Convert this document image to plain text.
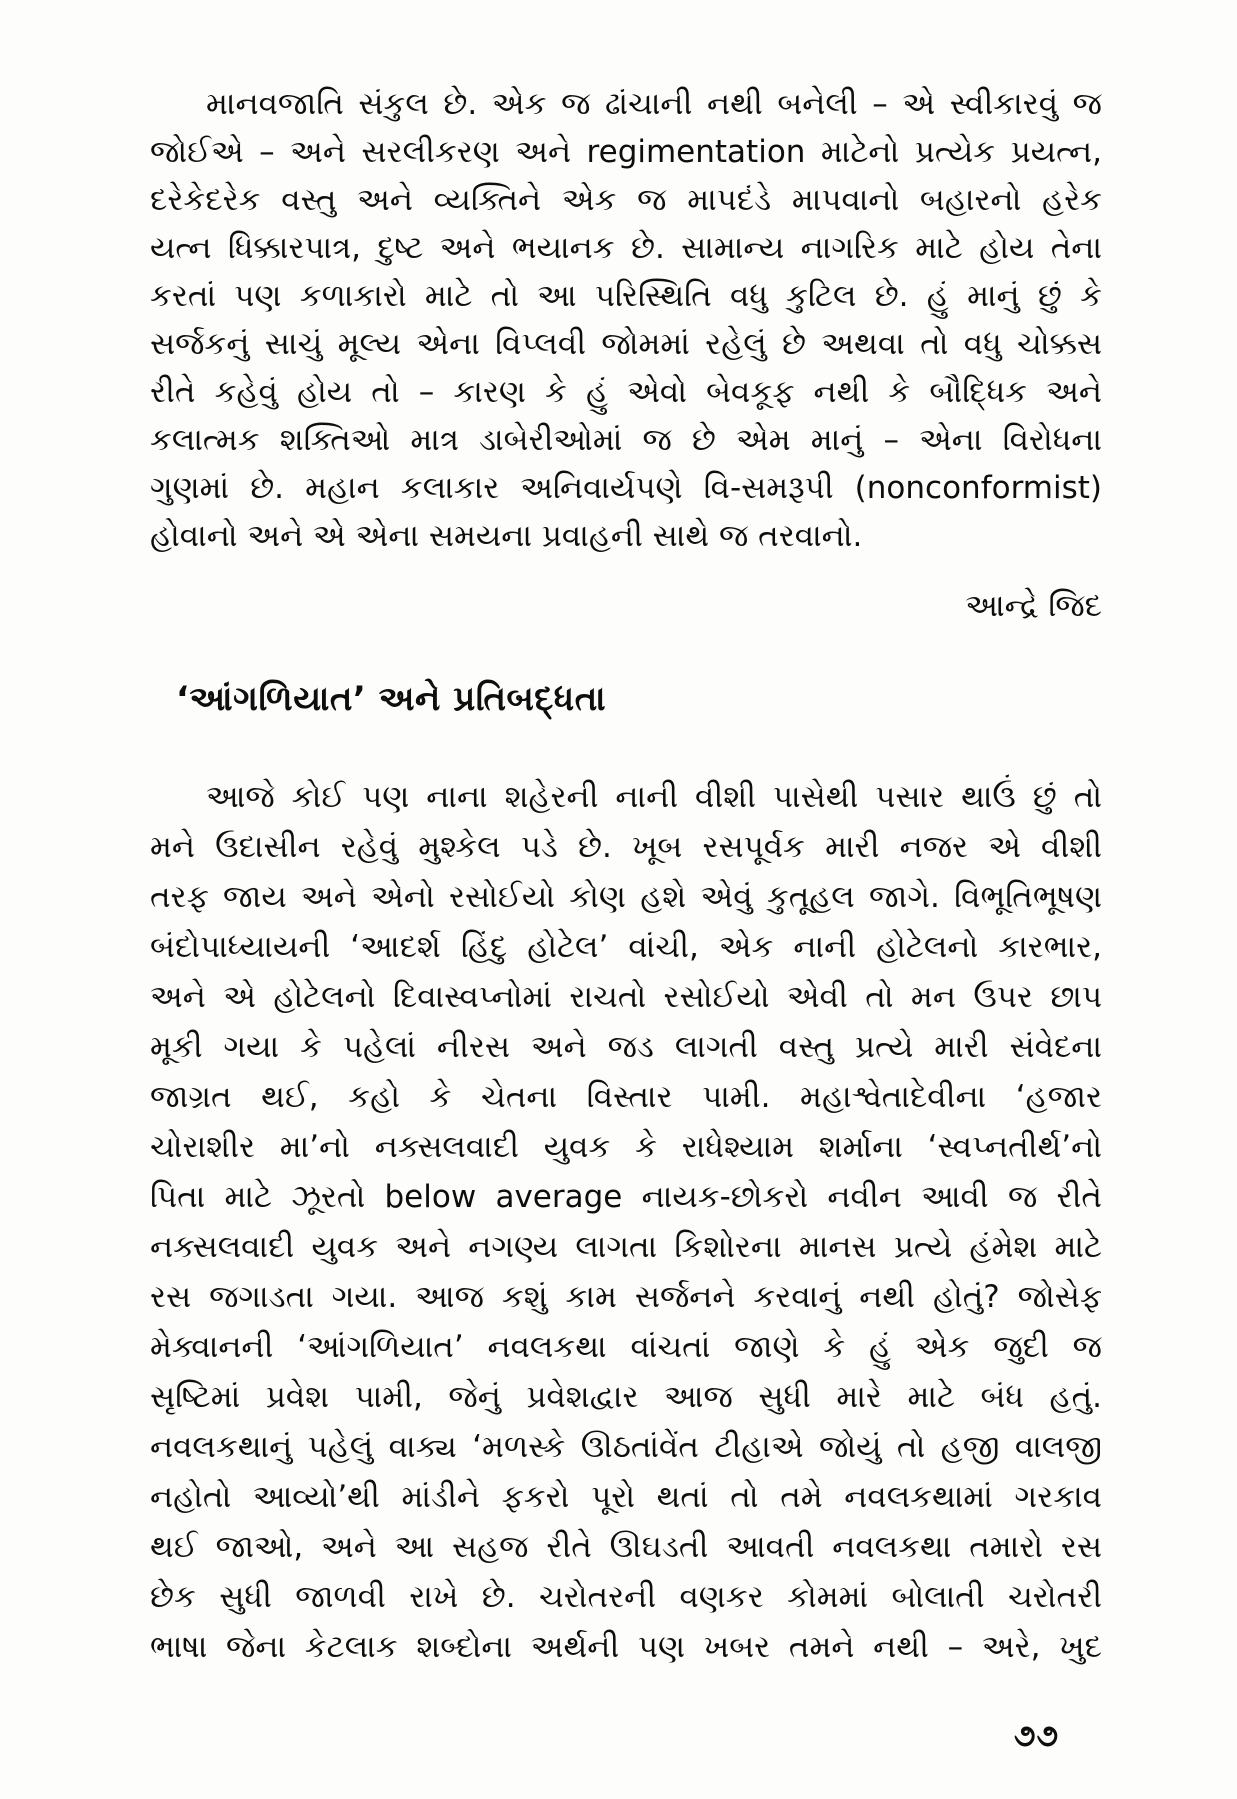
માનવજાતિ સંકુલ છે. એક જ ઢાંચાની નથી બનેલી – એ સ્વીકારવું જ
જોઈએ – અને સરલીકરણ અને regimentation માટેનો પ્રત્યેક પ્રયત્ન,
દરેકેદરેક વસ્તુ અને વ્યક્તિને એક જ માપદંડે માપવાનો બહારનો હરેક
યત્ન ધિક્કારપાત્ર, દુષ્ટ અને ભયાનક છે. સામાન્ય નાગરિક માટે હોય તેના
કરતાં પણ કળાકારો માટે તો આ પરિસ્થિતિ વધુ કુટિલ છે. હું માનું છું કે
સર્જકનું સાચું મૂલ્ય એના વિપ્લવી જોમમાં રહેલું છે અથવા તો વધુ ચોક્કસ
રીતે કહેવું હોય તો – કારણ કે હું એવો બેવકૂફ નથી કે બૌદ્ધિક અને
કલાત્મક શક્તિઓ માત્ર ડાબેરીઓમાં જ છે એમ માનું – એના વિરોધના
ગુણમાં છે. મહાન કલાકાર અનિવાર્યપણે વિ-સમરૂપી (nonconformist)
હોવાનો અને એ એના સમયના પ્રવાહની સાથે જ તરવાનો.
આન્દ્રે જિદ
‘આંગળિયાત’ અને પ્રતિબદ્ધતા
આજે કોઈ પણ નાના શહેરની નાની વીશી પાસેથી પસાર થાઉં છું તો
મને ઉદાસીન રહેવું મુશ્કેલ પડે છે. ખૂબ રસપૂર્વક મારી નજર એ વીશી
તરફ જાય અને એનો રસોઈયો કોણ હશે એવું કુતૂહલ જાગે. વિભૂતિભૂષણ
બંદોપાધ્યાયની ‘આદર્શ હિંદુ હોટેલ’ વાંચી, એક નાની હોટેલનો કારભાર,
અને એ હોટેલનો દિવાસ્વપ્નોમાં રાચતો રસોઈયો એવી તો મન ઉપર છાપ
મૂકી ગયા કે પહેલાં નીરસ અને જડ લાગતી વસ્તુ પ્રત્યે મારી સંવેદના
જાગ્રત થઈ, કહો કે ચેતના વિસ્તાર પામી. મહાશ્વેતાદેવીના ‘હજાર
ચોરાશીર મા’નો નક્સલવાદી યુવક કે રાધેશ્યામ શર્માના ‘સ્વપ્નતીર્થ’નો
પિતા માટે ઝૂરતો below average નાયક-છોકરો નવીન આવી જ રીતે
નક્સલવાદી યુવક અને નગણ્ય લાગતા કિશોરના માનસ પ્રત્યે હંમેશ માટે
રસ જગાડતા ગયા. આજ કશું કામ સર્જનને કરવાનું નથી હોતું? જોસેફ
મેક્વાનની ‘આંગળિયાત’ નવલકથા વાંચતાં જાણે કે હું એક જુદી જ
સૃષ્ટિમાં પ્રવેશ પામી, જેનું પ્રવેશદ્વાર આજ સુધી મારે માટે બંધ હતું.
નવલકથાનું પહેલું વાક્ય ‘મળસ્કે ઊઠતાંવેંત ટીહાએ જોયું તો હજી વાલજી
નહોતો આવ્યો’થી માંડીને ફકરો પૂરો થતાં તો તમે નવલકથામાં ગરકાવ
થઈ જાઓ, અને આ સહજ રીતે ઊઘડતી આવતી નવલકથા તમારો રસ
છેક સુધી જાળવી રાખે છે. ચરોતરની વણકર કોમમાં બોલાતી ચરોતરી
ભાષા જેના કેટલાક શબ્દોના અર્થની પણ ખબર તમને નથી – અરે, ખુદ
૭૭
